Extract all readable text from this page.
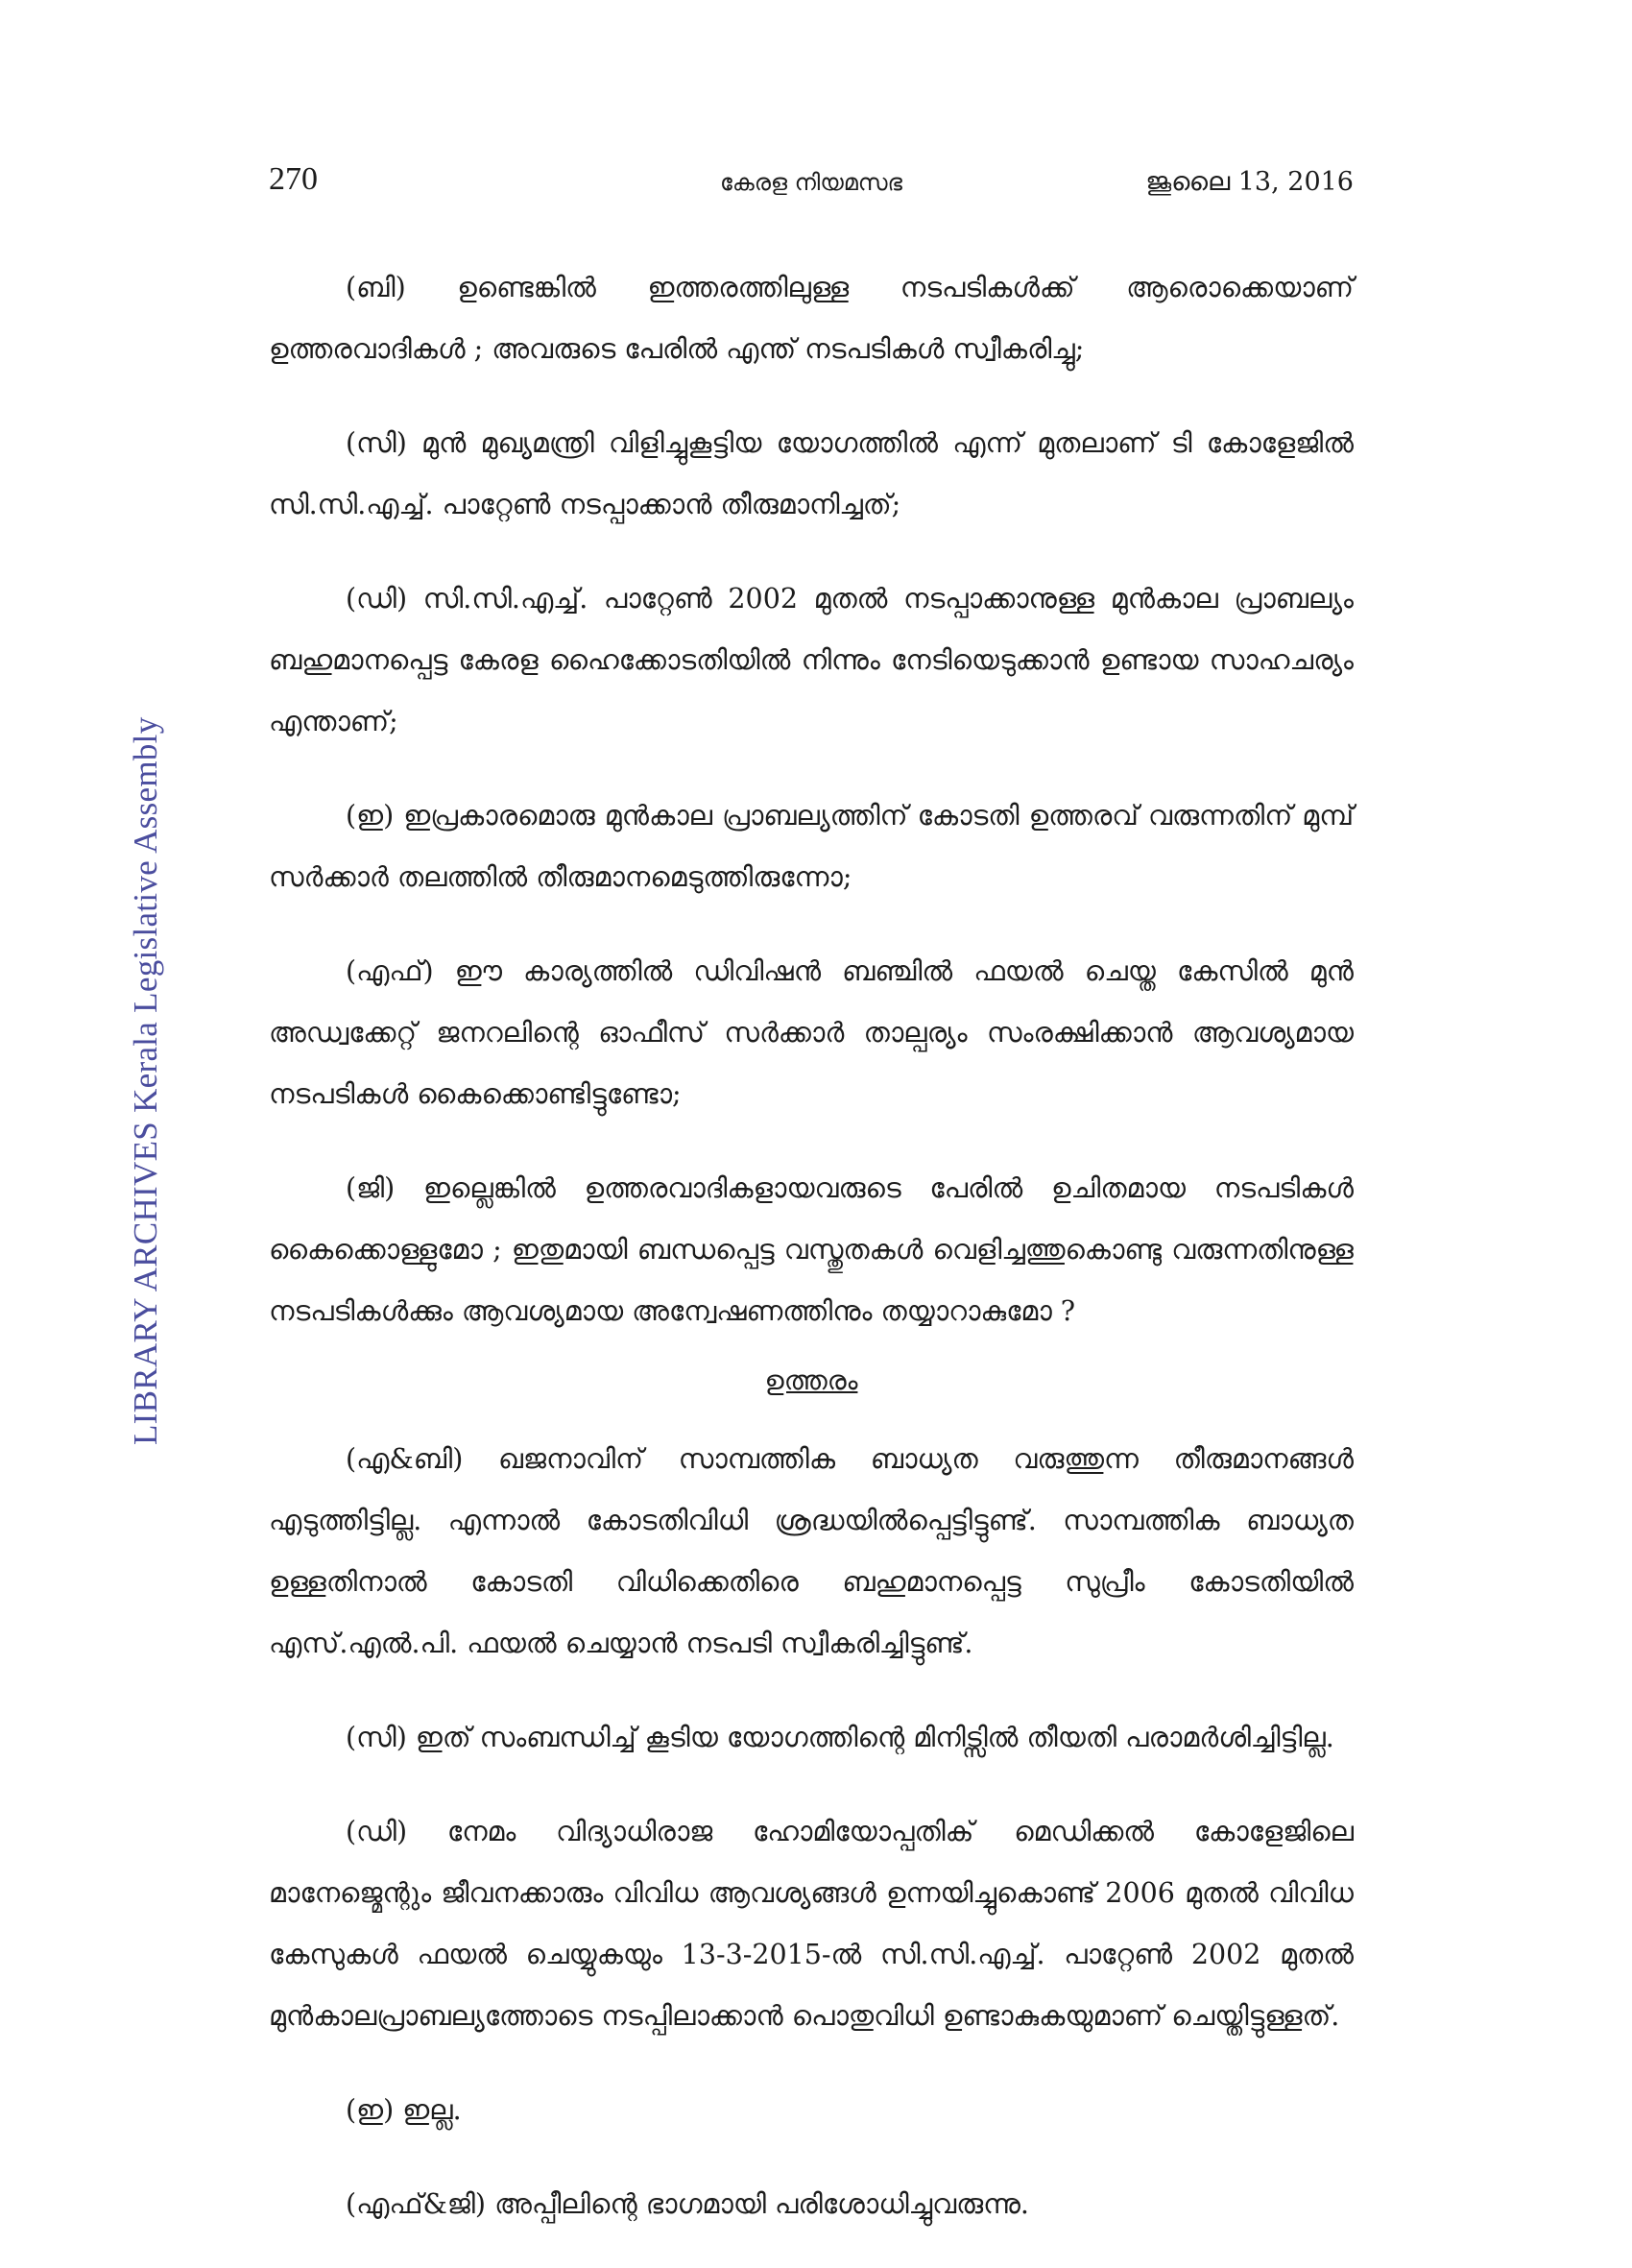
270	കേരള നിയമസഭ	ജൂലൈ 13, 2016
LIBRARY ARCHIVES Kerala Legislative Assembly

(ബി) ഉണ്ടെങ്കിൽ ഇത്തരത്തിലുള്ള നടപടികൾക്ക് ആരൊക്കെയാണ് ഉത്തരവാദികൾ ; അവരുടെ പേരിൽ എന്ത് നടപടികൾ സ്വീകരിച്ചു;

(സി) മുൻ മുഖ്യമന്ത്രി വിളിച്ചുകൂട്ടിയ യോഗത്തിൽ എന്ന് മുതലാണ് ടി കോളേജിൽ സി.സി.എച്ച്. പാറ്റേൺ നടപ്പാക്കാൻ തീരുമാനിച്ചത്;

(ഡി) സി.സി.എച്ച്. പാറ്റേൺ 2002 മുതൽ നടപ്പാക്കാനുള്ള മുൻകാല പ്രാബല്യം ബഹുമാനപ്പെട്ട കേരള ഹൈക്കോടതിയിൽ നിന്നും നേടിയെടുക്കാൻ ഉണ്ടായ സാഹചര്യം എന്താണ്;

(ഇ) ഇപ്രകാരമൊരു മുൻകാല പ്രാബല്യത്തിന് കോടതി ഉത്തരവ് വരുന്നതിന് മുമ്പ് സർക്കാർ തലത്തിൽ തീരുമാനമെടുത്തിരുന്നോ;

(എഫ്) ഈ കാര്യത്തിൽ ഡിവിഷൻ ബഞ്ചിൽ ഫയൽ ചെയ്ത കേസിൽ മുൻ അഡ്വക്കേറ്റ് ജനറലിന്റെ ഓഫീസ് സർക്കാർ താല്പര്യം സംരക്ഷിക്കാൻ ആവശ്യമായ നടപടികൾ കൈക്കൊണ്ടിട്ടുണ്ടോ;

(ജി) ഇല്ലെങ്കിൽ ഉത്തരവാദികളായവരുടെ പേരിൽ ഉചിതമായ നടപടികൾ കൈക്കൊള്ളുമോ ; ഇതുമായി ബന്ധപ്പെട്ട വസ്തുതകൾ വെളിച്ചത്തുകൊണ്ടു വരുന്നതിനുള്ള നടപടികൾക്കും ആവശ്യമായ അന്വേഷണത്തിനും തയ്യാറാകുമോ ?

ഉത്തരം

(എ&ബി) ഖജനാവിന് സാമ്പത്തിക ബാധ്യത വരുത്തുന്ന തീരുമാനങ്ങൾ എടുത്തിട്ടില്ല. എന്നാൽ കോടതിവിധി ശ്രദ്ധയിൽപ്പെട്ടിട്ടുണ്ട്. സാമ്പത്തിക ബാധ്യത ഉള്ളതിനാൽ കോടതി വിധിക്കെതിരെ ബഹുമാനപ്പെട്ട സുപ്രീം കോടതിയിൽ എസ്.എൽ.പി. ഫയൽ ചെയ്യാൻ നടപടി സ്വീകരിച്ചിട്ടുണ്ട്.

(സി) ഇത് സംബന്ധിച്ച് കൂടിയ യോഗത്തിന്റെ മിനിട്സിൽ തീയതി പരാമർശിച്ചിട്ടില്ല.

(ഡി) നേമം വിദ്യാധിരാജ ഹോമിയോപ്പതിക് മെഡിക്കൽ കോളേജിലെ മാനേജ്മെന്റും ജീവനക്കാരും വിവിധ ആവശ്യങ്ങൾ ഉന്നയിച്ചുകൊണ്ട് 2006 മുതൽ വിവിധ കേസുകൾ ഫയൽ ചെയ്യുകയും 13-3-2015-ൽ സി.സി.എച്ച്. പാറ്റേൺ 2002 മുതൽ മുൻകാലപ്രാബല്യത്തോടെ നടപ്പിലാക്കാൻ പൊതുവിധി ഉണ്ടാകുകയുമാണ് ചെയ്തിട്ടുള്ളത്.

(ഇ) ഇല്ല.

(എഫ്&ജി) അപ്പീലിന്റെ ഭാഗമായി പരിശോധിച്ചുവരുന്നു.
